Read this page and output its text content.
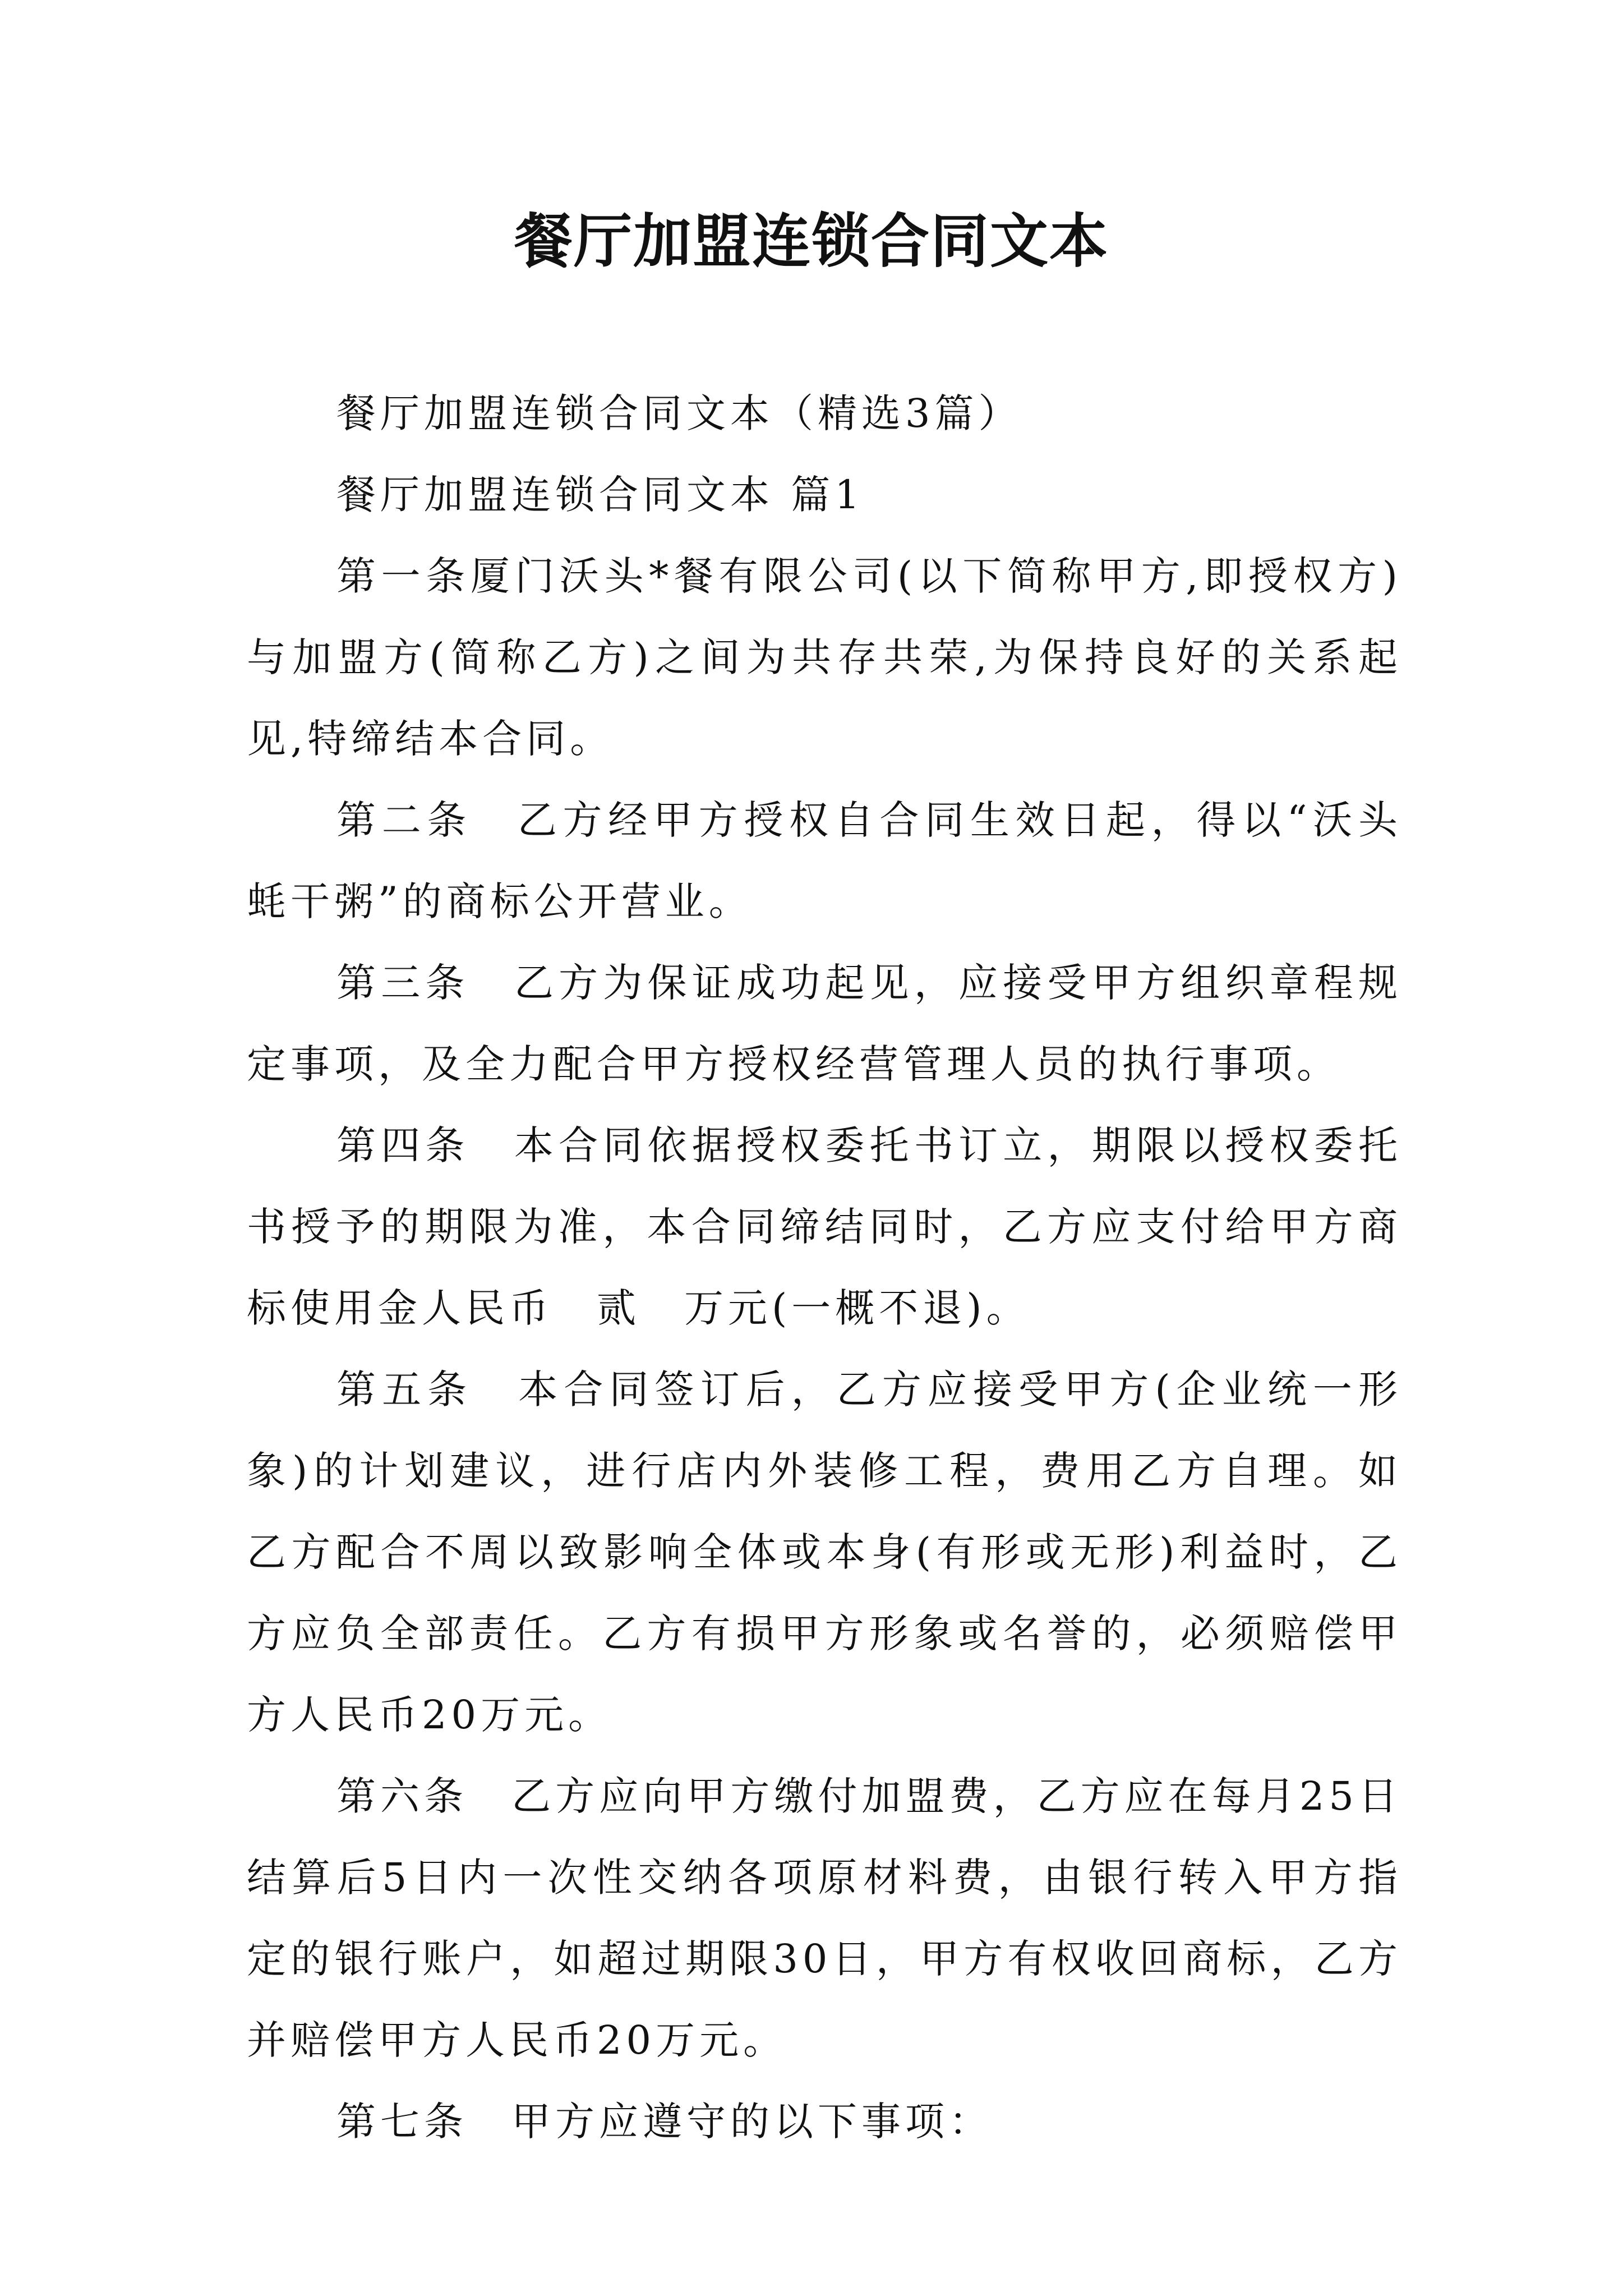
餐厅加盟连锁合同文本

餐厅加盟连锁合同文本（精选3篇）

餐厅加盟连锁合同文本 篇1

第一条厦门沃头*餐有限公司(以下简称甲方,即授权方)与加盟方(简称乙方)之间为共存共荣,为保持良好的关系起见,特缔结本合同。

第二条　乙方经甲方授权自合同生效日起，得以“沃头蚝干粥”的商标公开营业。

第三条　乙方为保证成功起见，应接受甲方组织章程规定事项，及全力配合甲方授权经营管理人员的执行事项。

第四条　本合同依据授权委托书订立，期限以授权委托书授予的期限为准，本合同缔结同时，乙方应支付给甲方商标使用金人民币　贰　万元(一概不退)。

第五条　本合同签订后，乙方应接受甲方(企业统一形象)的计划建议，进行店内外装修工程，费用乙方自理。如乙方配合不周以致影响全体或本身(有形或无形)利益时，乙方应负全部责任。乙方有损甲方形象或名誉的，必须赔偿甲方人民币20万元。

第六条　乙方应向甲方缴付加盟费，乙方应在每月25日结算后5日内一次性交纳各项原材料费，由银行转入甲方指定的银行账户，如超过期限30日，甲方有权收回商标，乙方并赔偿甲方人民币20万元。

第七条　甲方应遵守的以下事项：
